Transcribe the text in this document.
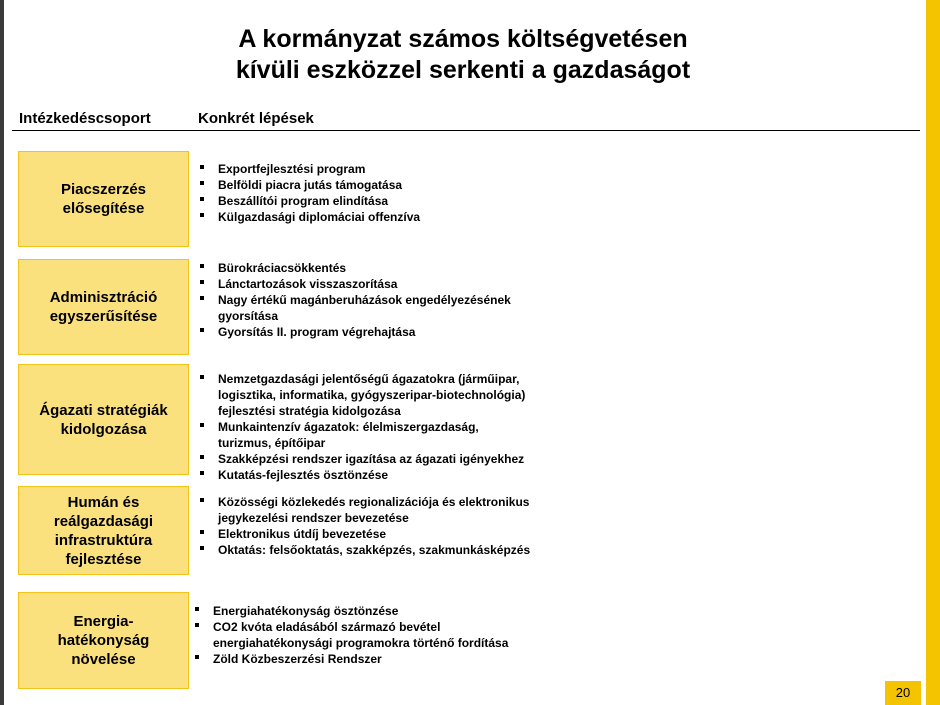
A kormányzat számos költségvetésen
kívüli eszközzel serkenti a gazdaságot
Intézkedéscsoport	Konkrét lépések
Piacszerzés
elősegítése
Exportfejlesztési program
Belföldi piacra jutás támogatása
Beszállítói program elindítása
Külgazdasági diplomáciai offenzíva
Adminisztráció
egyszerűsítése
Bürokráciacsökkentés
Lánctartozások visszaszorítása
Nagy értékű magánberuházások engedélyezésének
gyorsítása
Gyorsítás II. program végrehajtása
Ágazati stratégiák
kidolgozása
Nemzetgazdasági jelentőségű ágazatokra (járműipar,
logisztika, informatika, gyógyszeripar-biotechnológia)
fejlesztési stratégia kidolgozása
Munkaintenzív ágazatok: élelmiszergazdaság,
turizmus, építőipar
Szakképzési rendszer igazítása az ágazati igényekhez
Kutatás-fejlesztés ösztönzése
Humán és
reálgazdasági
infrastruktúra
fejlesztése
Közösségi közlekedés regionalizációja és elektronikus
jegykezelési rendszer bevezetése
Elektronikus útdíj bevezetése
Oktatás: felsőoktatás, szakképzés, szakmunkásképzés
Energia-
hatékonyság
növelése
Energiahatékonyság ösztönzése
CO2 kvóta eladásából származó bevétel
energiahatékonysági programokra történő fordítása
Zöld Közbeszerzési Rendszer
20
